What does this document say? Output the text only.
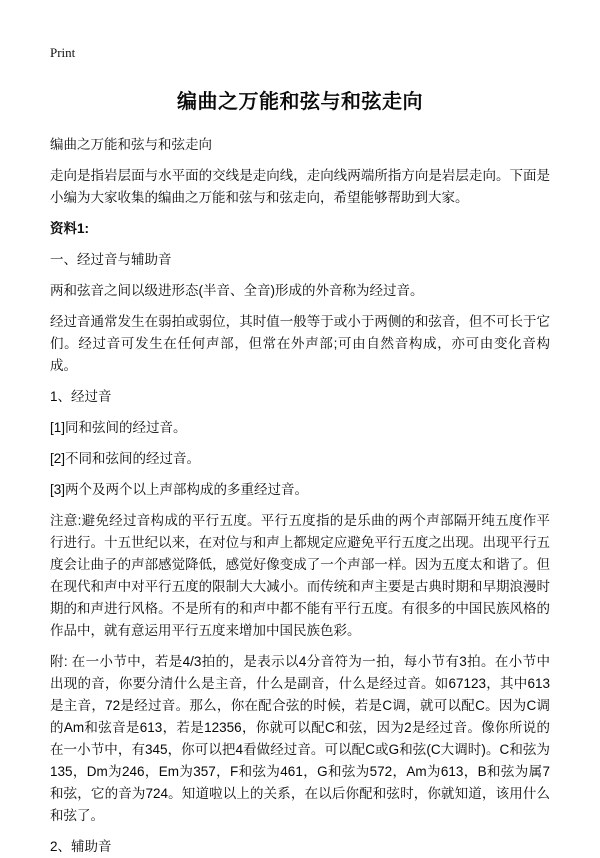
Print
编曲之万能和弦与和弦走向

编曲之万能和弦与和弦走向

走向是指岩层面与水平面的交线是走向线，走向线两端所指方向是岩层走向。下面是小编为大家收集的编曲之万能和弦与和弦走向，希望能够帮助到大家。

资料1:

一、经过音与辅助音

两和弦音之间以级进形态(半音、全音)形成的外音称为经过音。

经过音通常发生在弱拍或弱位，其时值一般等于或小于两侧的和弦音，但不可长于它们。经过音可发生在任何声部，但常在外声部;可由自然音构成，亦可由变化音构成。

1、经过音

[1]同和弦间的经过音。

[2]不同和弦间的经过音。

[3]两个及两个以上声部构成的多重经过音。

注意:避免经过音构成的平行五度。平行五度指的是乐曲的两个声部隔开纯五度作平行进行。十五世纪以来，在对位与和声上都规定应避免平行五度之出现。出现平行五度会让曲子的声部感觉降低，感觉好像变成了一个声部一样。因为五度太和谐了。但在现代和声中对平行五度的限制大大减小。而传统和声主要是古典时期和早期浪漫时期的和声进行风格。不是所有的和声中都不能有平行五度。有很多的中国民族风格的作品中，就有意运用平行五度来增加中国民族色彩。

附: 在一小节中，若是4/3拍的，是表示以4分音符为一拍，每小节有3拍。在小节中出现的音，你要分清什么是主音，什么是副音，什么是经过音。如67123，其中613是主音，72是经过音。那么，你在配合弦的时候，若是C调，就可以配C。因为C调的Am和弦音是613，若是12356，你就可以配C和弦，因为2是经过音。像你所说的在一小节中，有345，你可以把4看做经过音。可以配C或G和弦(C大调时)。C和弦为135，Dm为246，Em为357，F和弦为461，G和弦为572，Am为613，B和弦为属7和弦，它的音为724。知道啦以上的关系，在以后你配和弦时，你就知道，该用什么和弦了。

2、辅助音
